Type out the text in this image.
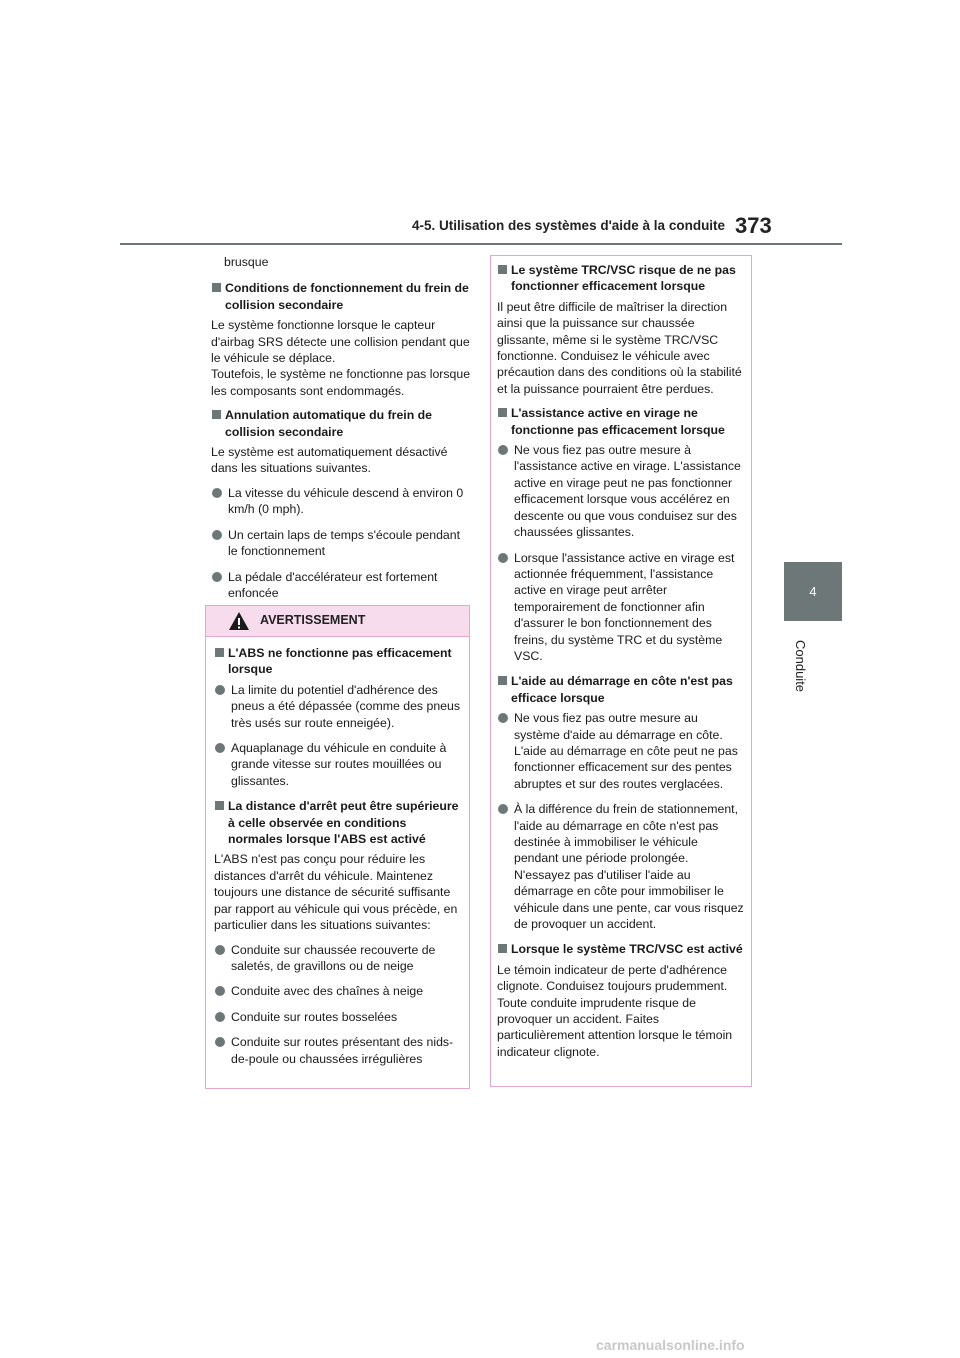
4-5. Utilisation des systèmes d'aide à la conduite 373
4
Conduite

brusque

Conditions de fonctionnement du frein de collision secondaire

Le système fonctionne lorsque le capteur d'airbag SRS détecte une collision pendant que le véhicule se déplace.

Toutefois, le système ne fonctionne pas lorsque les composants sont endommagés.

Annulation automatique du frein de collision secondaire

Le système est automatiquement désactivé dans les situations suivantes.

La vitesse du véhicule descend à environ 0 km/h (0 mph).
Un certain laps de temps s'écoule pendant le fonctionnement
La pédale d'accélérateur est fortement enfoncée
AVERTISSEMENT
L'ABS ne fonctionne pas efficacement lorsque
La limite du potentiel d'adhérence des pneus a été dépassée (comme des pneus très usés sur route enneigée).
Aquaplanage du véhicule en conduite à grande vitesse sur routes mouillées ou glissantes.
La distance d'arrêt peut être supérieure à celle observée en conditions normales lorsque l'ABS est activé

L'ABS n'est pas conçu pour réduire les distances d'arrêt du véhicule. Maintenez toujours une distance de sécurité suffisante par rapport au véhicule qui vous précède, en particulier dans les situations suivantes:

Conduite sur chaussée recouverte de saletés, de gravillons ou de neige
Conduite avec des chaînes à neige
Conduite sur routes bosselées
Conduite sur routes présentant des nids-de-poule ou chaussées irrégulières
Le système TRC/VSC risque de ne pas fonctionner efficacement lorsque

Il peut être difficile de maîtriser la direction ainsi que la puissance sur chaussée glissante, même si le système TRC/VSC fonctionne. Conduisez le véhicule avec précaution dans des conditions où la stabilité et la puissance pourraient être perdues.

L'assistance active en virage ne fonctionne pas efficacement lorsque
Ne vous fiez pas outre mesure à l'assistance active en virage. L'assistance active en virage peut ne pas fonctionner efficacement lorsque vous accélérez en descente ou que vous conduisez sur des chaussées glissantes.
Lorsque l'assistance active en virage est actionnée fréquemment, l'assistance active en virage peut arrêter temporairement de fonctionner afin d'assurer le bon fonctionnement des freins, du système TRC et du système VSC.
L'aide au démarrage en côte n'est pas efficace lorsque
Ne vous fiez pas outre mesure au système d'aide au démarrage en côte. L'aide au démarrage en côte peut ne pas fonctionner efficacement sur des pentes abruptes et sur des routes verglacées.
À la différence du frein de stationnement, l'aide au démarrage en côte n'est pas destinée à immobiliser le véhicule pendant une période prolongée. N'essayez pas d'utiliser l'aide au démarrage en côte pour immobiliser le véhicule dans une pente, car vous risquez de provoquer un accident.
Lorsque le système TRC/VSC est activé

Le témoin indicateur de perte d'adhérence clignote. Conduisez toujours prudemment. Toute conduite imprudente risque de provoquer un accident. Faites particulièrement attention lorsque le témoin indicateur clignote.

carmanualsonline.info
